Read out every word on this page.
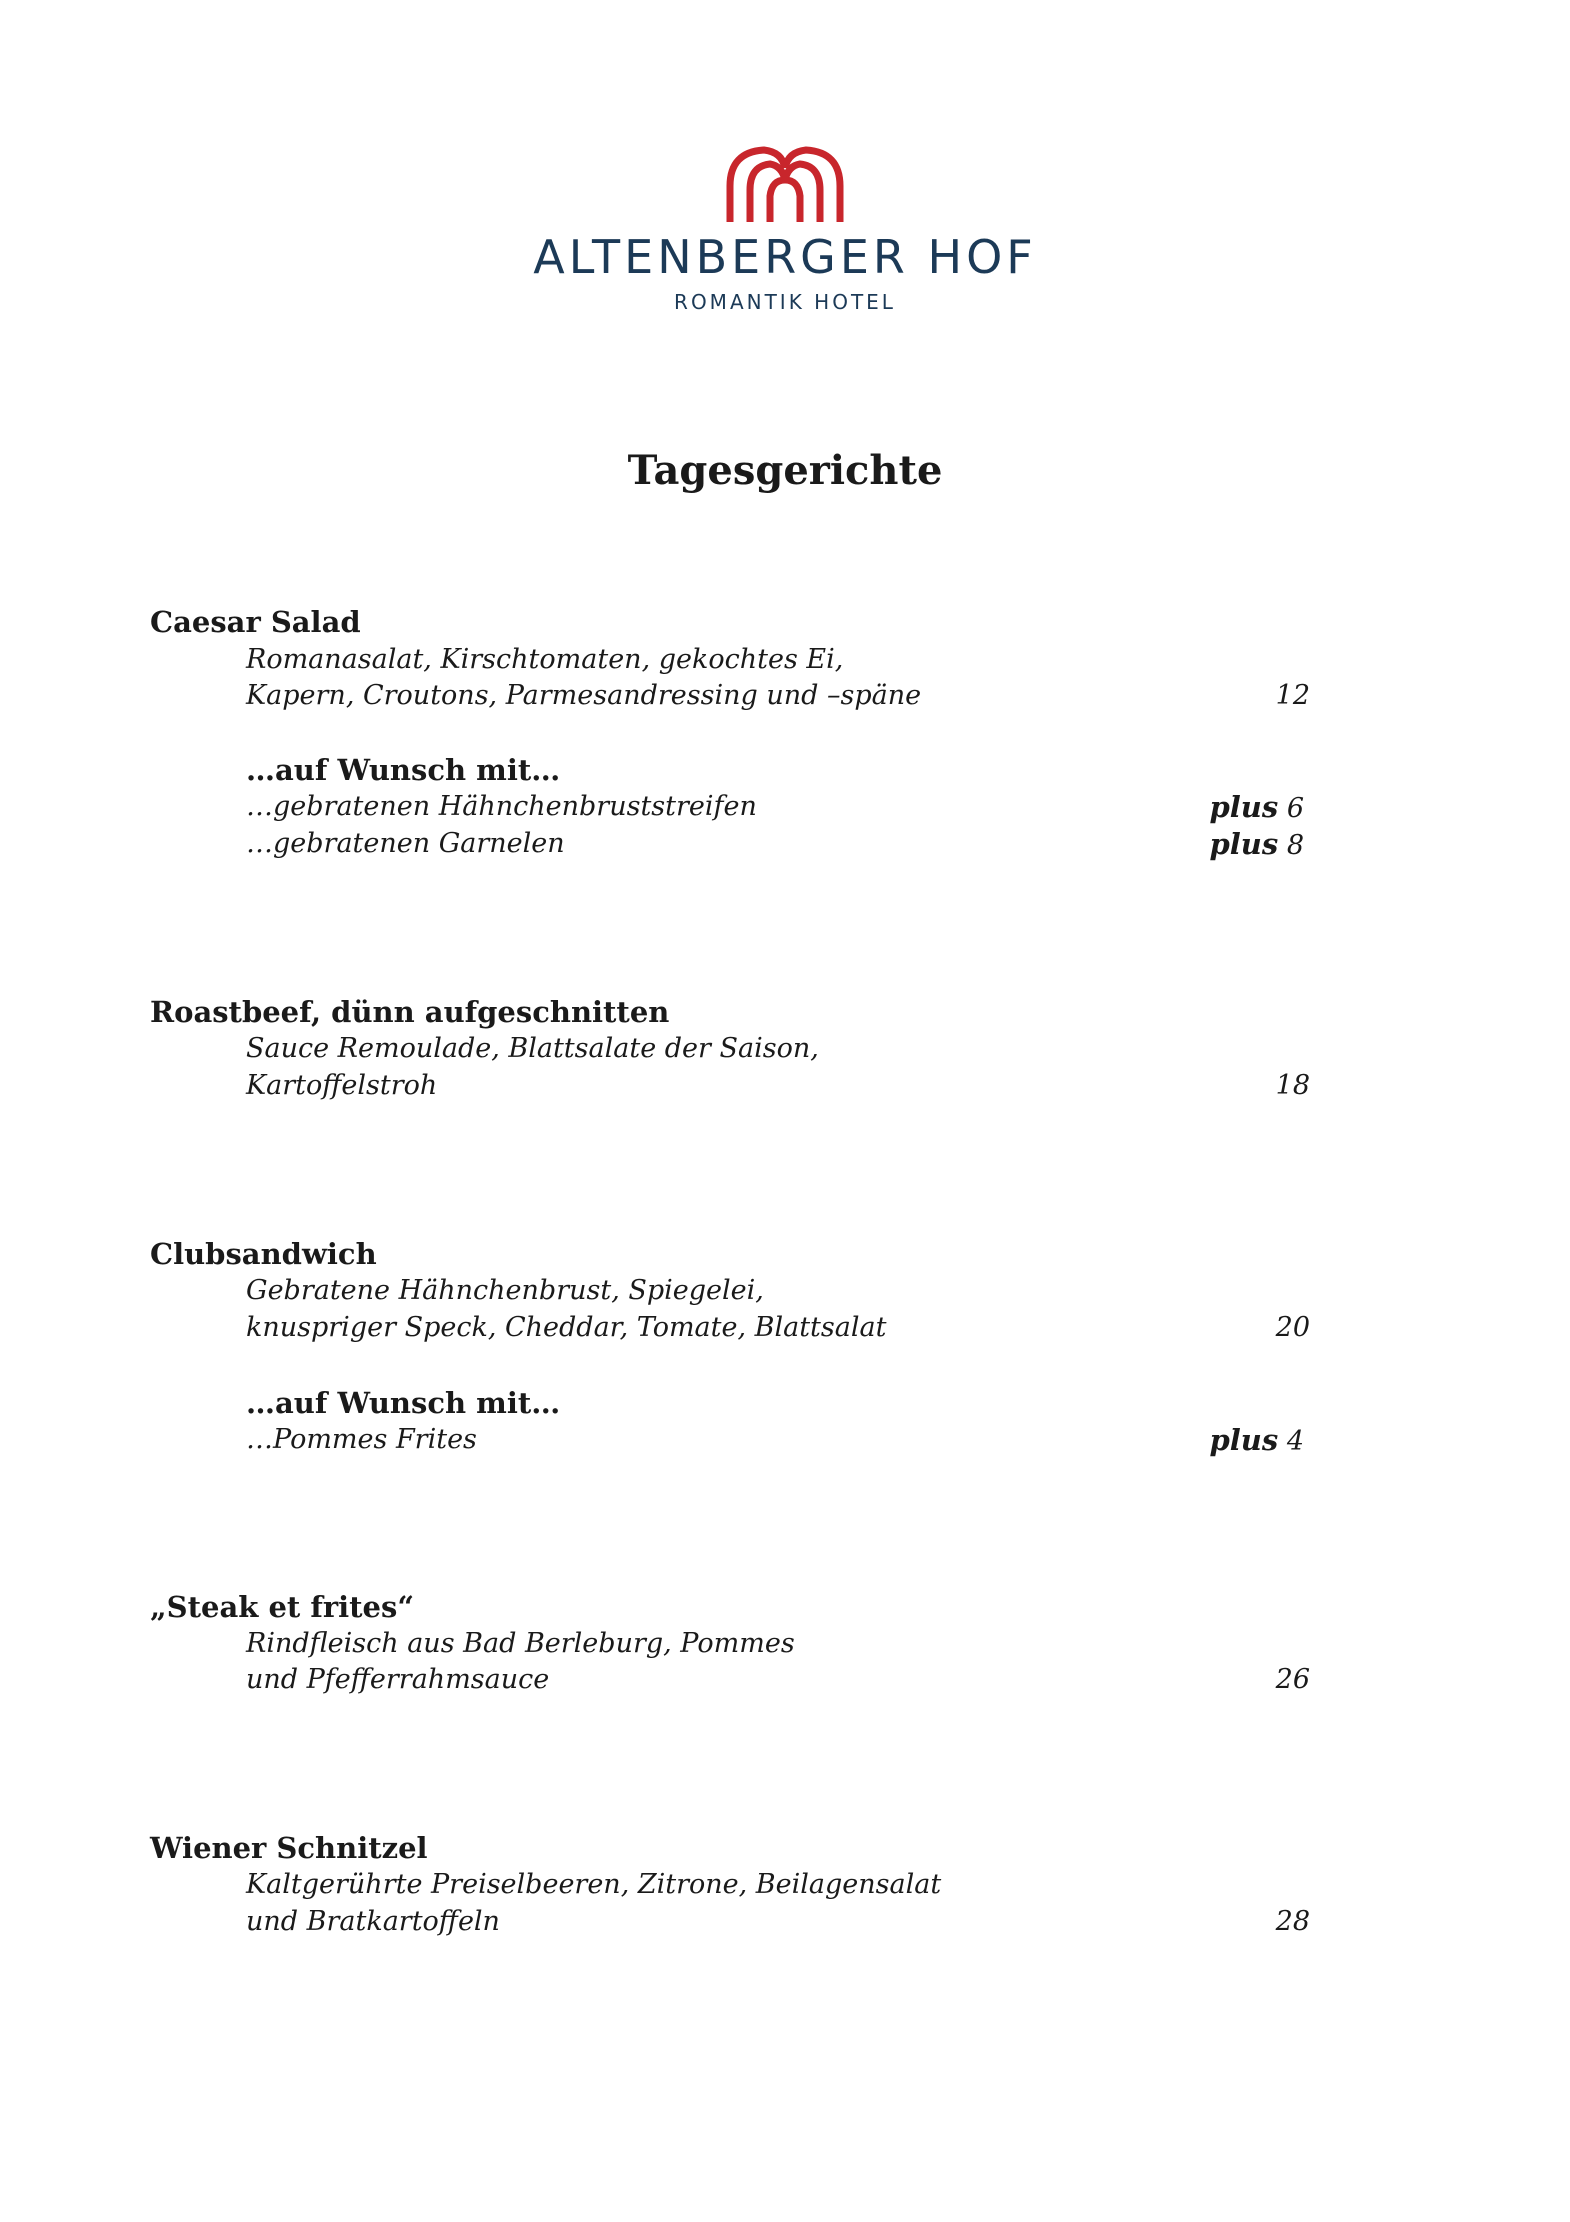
ALTENBERGER HOF
ROMANTIK HOTEL
Tagesgerichte
Caesar Salad
Romanasalat, Kirschtomaten, gekochtes Ei,
Kapern, Croutons, Parmesandressing und –späne	12
…auf Wunsch mit…
…gebratenen Hähnchenbruststreifen	plus 6
…gebratenen Garnelen	plus 8
Roastbeef, dünn aufgeschnitten
Sauce Remoulade, Blattsalate der Saison,
Kartoffelstroh	18
Clubsandwich
Gebratene Hähnchenbrust, Spiegelei,
knuspriger Speck, Cheddar, Tomate, Blattsalat	20
…auf Wunsch mit…
…Pommes Frites	plus 4
„Steak et frites“
Rindfleisch aus Bad Berleburg, Pommes
und Pfefferrahmsauce	26
Wiener Schnitzel
Kaltgerührte Preiselbeeren, Zitrone, Beilagensalat
und Bratkartoffeln	28
